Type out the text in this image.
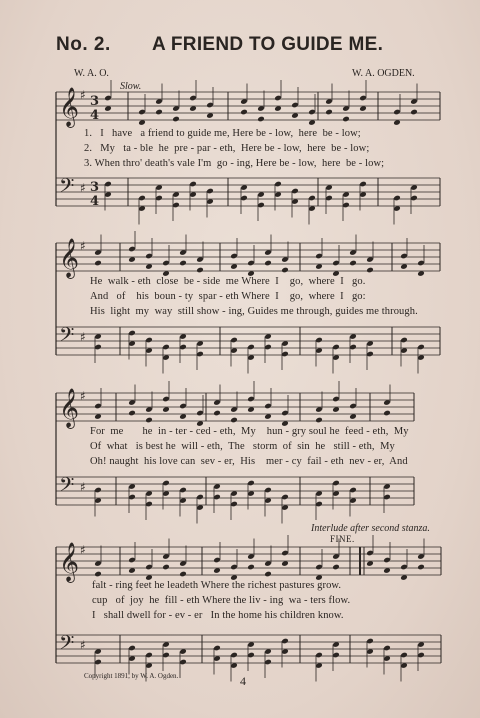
No. 2. A FRIEND TO GUIDE ME.
W. A. O.	W. A. OGDEN.
Slow.
𝄞 ♯ 3
4
𝄢 ♯ 3
4
𝄞 ♯
𝄢 ♯
𝄞 ♯
𝄢 ♯
𝄞 ♯
𝄢 ♯
1.   I   have   a friend to guide me, Here be - low,  here  be - low;
2.   My   ta - ble  he  pre - par - eth,  Here be - low,  here  be - low;
3. When thro' death's vale I'm  go - ing, Here be - low,  here  be - low;
He  walk - eth  close  be - side  me Where  I    go,  where  I   go.
And   of    his  boun - ty  spar - eth Where  I    go,  where  I   go:
His  light  my  way  still show - ing, Guides me through, guides me through.
For  me       he  in - ter - ced - eth,  My    hun - gry soul he  feed - eth,  My
Of  what   is best he  will - eth,  The   storm  of  sin  he   still - eth,  My
Oh! naught  his love can  sev - er,  His    mer - cy  fail - eth  nev - er,  And
falt - ring feet he leadeth Where the richest pastures grow.
cup   of  joy  he  fill - eth Where the liv - ing  wa - ters flow.
I   shall dwell for - ev - er   In the home his children know.
Interlude after second stanza.
FINE.
Copyright 1891, by W. A. Ogden.	4
